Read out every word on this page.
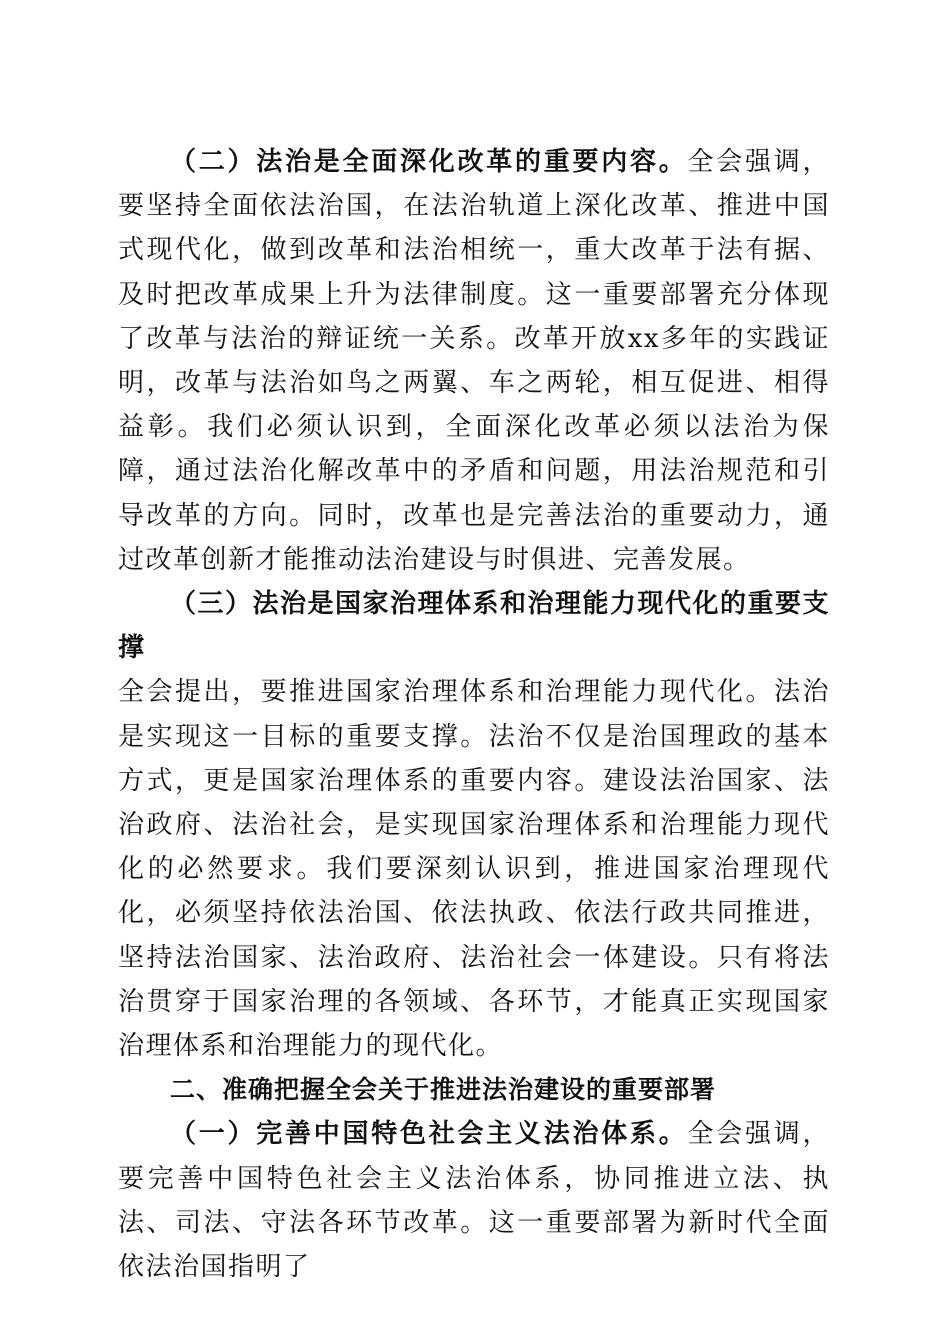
（二）法治是全面深化改革的重要内容。全会强调，要坚持全面依法治国，在法治轨道上深化改革、推进中国式现代化，做到改革和法治相统一，重大改革于法有据、及时把改革成果上升为法律制度。这一重要部署充分体现了改革与法治的辩证统一关系。改革开放xx多年的实践证明，改革与法治如鸟之两翼、车之两轮，相互促进、相得益彰。我们必须认识到，全面深化改革必须以法治为保障，通过法治化解改革中的矛盾和问题，用法治规范和引导改革的方向。同时，改革也是完善法治的重要动力，通过改革创新才能推动法治建设与时俱进、完善发展。

（三）法治是国家治理体系和治理能力现代化的重要支撑
全会提出，要推进国家治理体系和治理能力现代化。法治是实现这一目标的重要支撑。法治不仅是治国理政的基本方式，更是国家治理体系的重要内容。建设法治国家、法治政府、法治社会，是实现国家治理体系和治理能力现代化的必然要求。我们要深刻认识到，推进国家治理现代化，必须坚持依法治国、依法执政、依法行政共同推进，坚持法治国家、法治政府、法治社会一体建设。只有将法治贯穿于国家治理的各领域、各环节，才能真正实现国家治理体系和治理能力的现代化。

二、准确把握全会关于推进法治建设的重要部署

（一）完善中国特色社会主义法治体系。全会强调，要完善中国特色社会主义法治体系，协同推进立法、执法、司法、守法各环节改革。这一重要部署为新时代全面依法治国指明了
